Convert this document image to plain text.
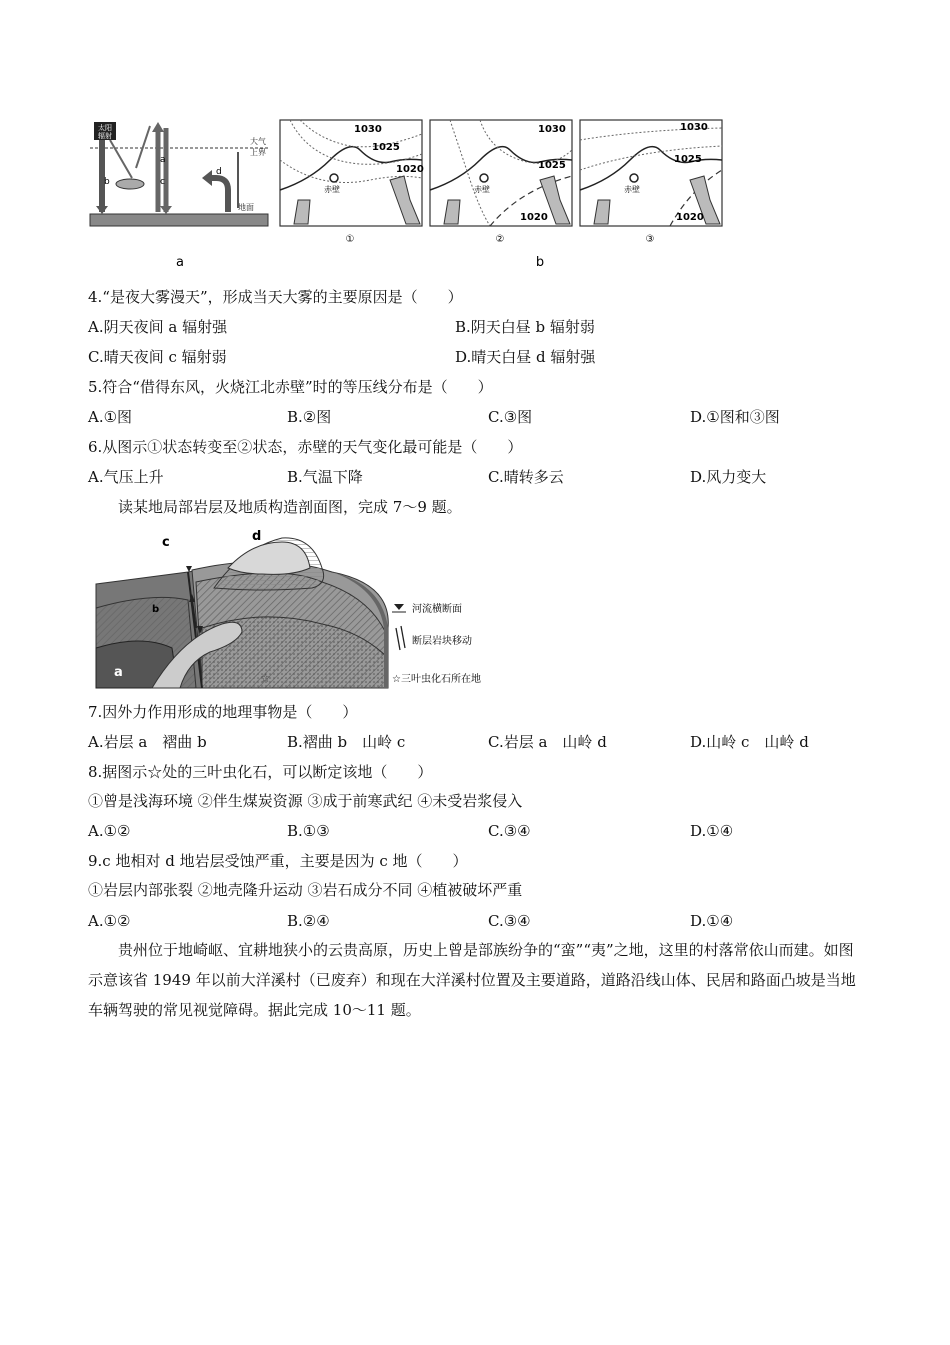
太阳
辐射
大气
上界
地面
b
a
c
d
1030
1025
1020
赤壁
1030
1025
1020
赤壁
1030
1025
1020
赤壁
①	②	③
a	b
4.“是夜大雾漫天”，形成当天大雾的主要原因是（　　）
A.阴天夜间 a 辐射强	B.阴天白昼 b 辐射弱
C.晴天夜间 c 辐射弱	D.晴天白昼 d 辐射强
5.符合“借得东风，火烧江北赤壁”时的等压线分布是（　　）
A.①图	B.②图	C.③图	D.①图和③图
6.从图示①状态转变至②状态，赤壁的天气变化最可能是（　　）
A.气压上升	B.气温下降	C.晴转多云	D.风力变大
读某地局部岩层及地质构造剖面图，完成 7～9 题。
☆
c	d
b
a
河流横断面
断层岩块移动
☆三叶虫化石所在地
7.因外力作用形成的地理事物是（　　）
A.岩层 a　褶曲 b	B.褶曲 b　山岭 c	C.岩层 a　山岭 d	D.山岭 c　山岭 d
8.据图示☆处的三叶虫化石，可以断定该地（　　）
①曾是浅海环境 ②伴生煤炭资源 ③成于前寒武纪 ④未受岩浆侵入
A.①②	B.①③	C.③④	D.①④
9.c 地相对 d 地岩层受蚀严重，主要是因为 c 地（　　）
①岩层内部张裂 ②地壳隆升运动 ③岩石成分不同 ④植被破坏严重
A.①②	B.②④	C.③④	D.①④
贵州位于地崎岖、宜耕地狭小的云贵高原，历史上曾是部族纷争的“蛮”“夷”之地，这里的村落常依山而建。如图示意该省 1949 年以前大洋溪村（已废弃）和现在大洋溪村位置及主要道路，道路沿线山体、民居和路面凸坡是当地车辆驾驶的常见视觉障碍。据此完成 10～11 题。
